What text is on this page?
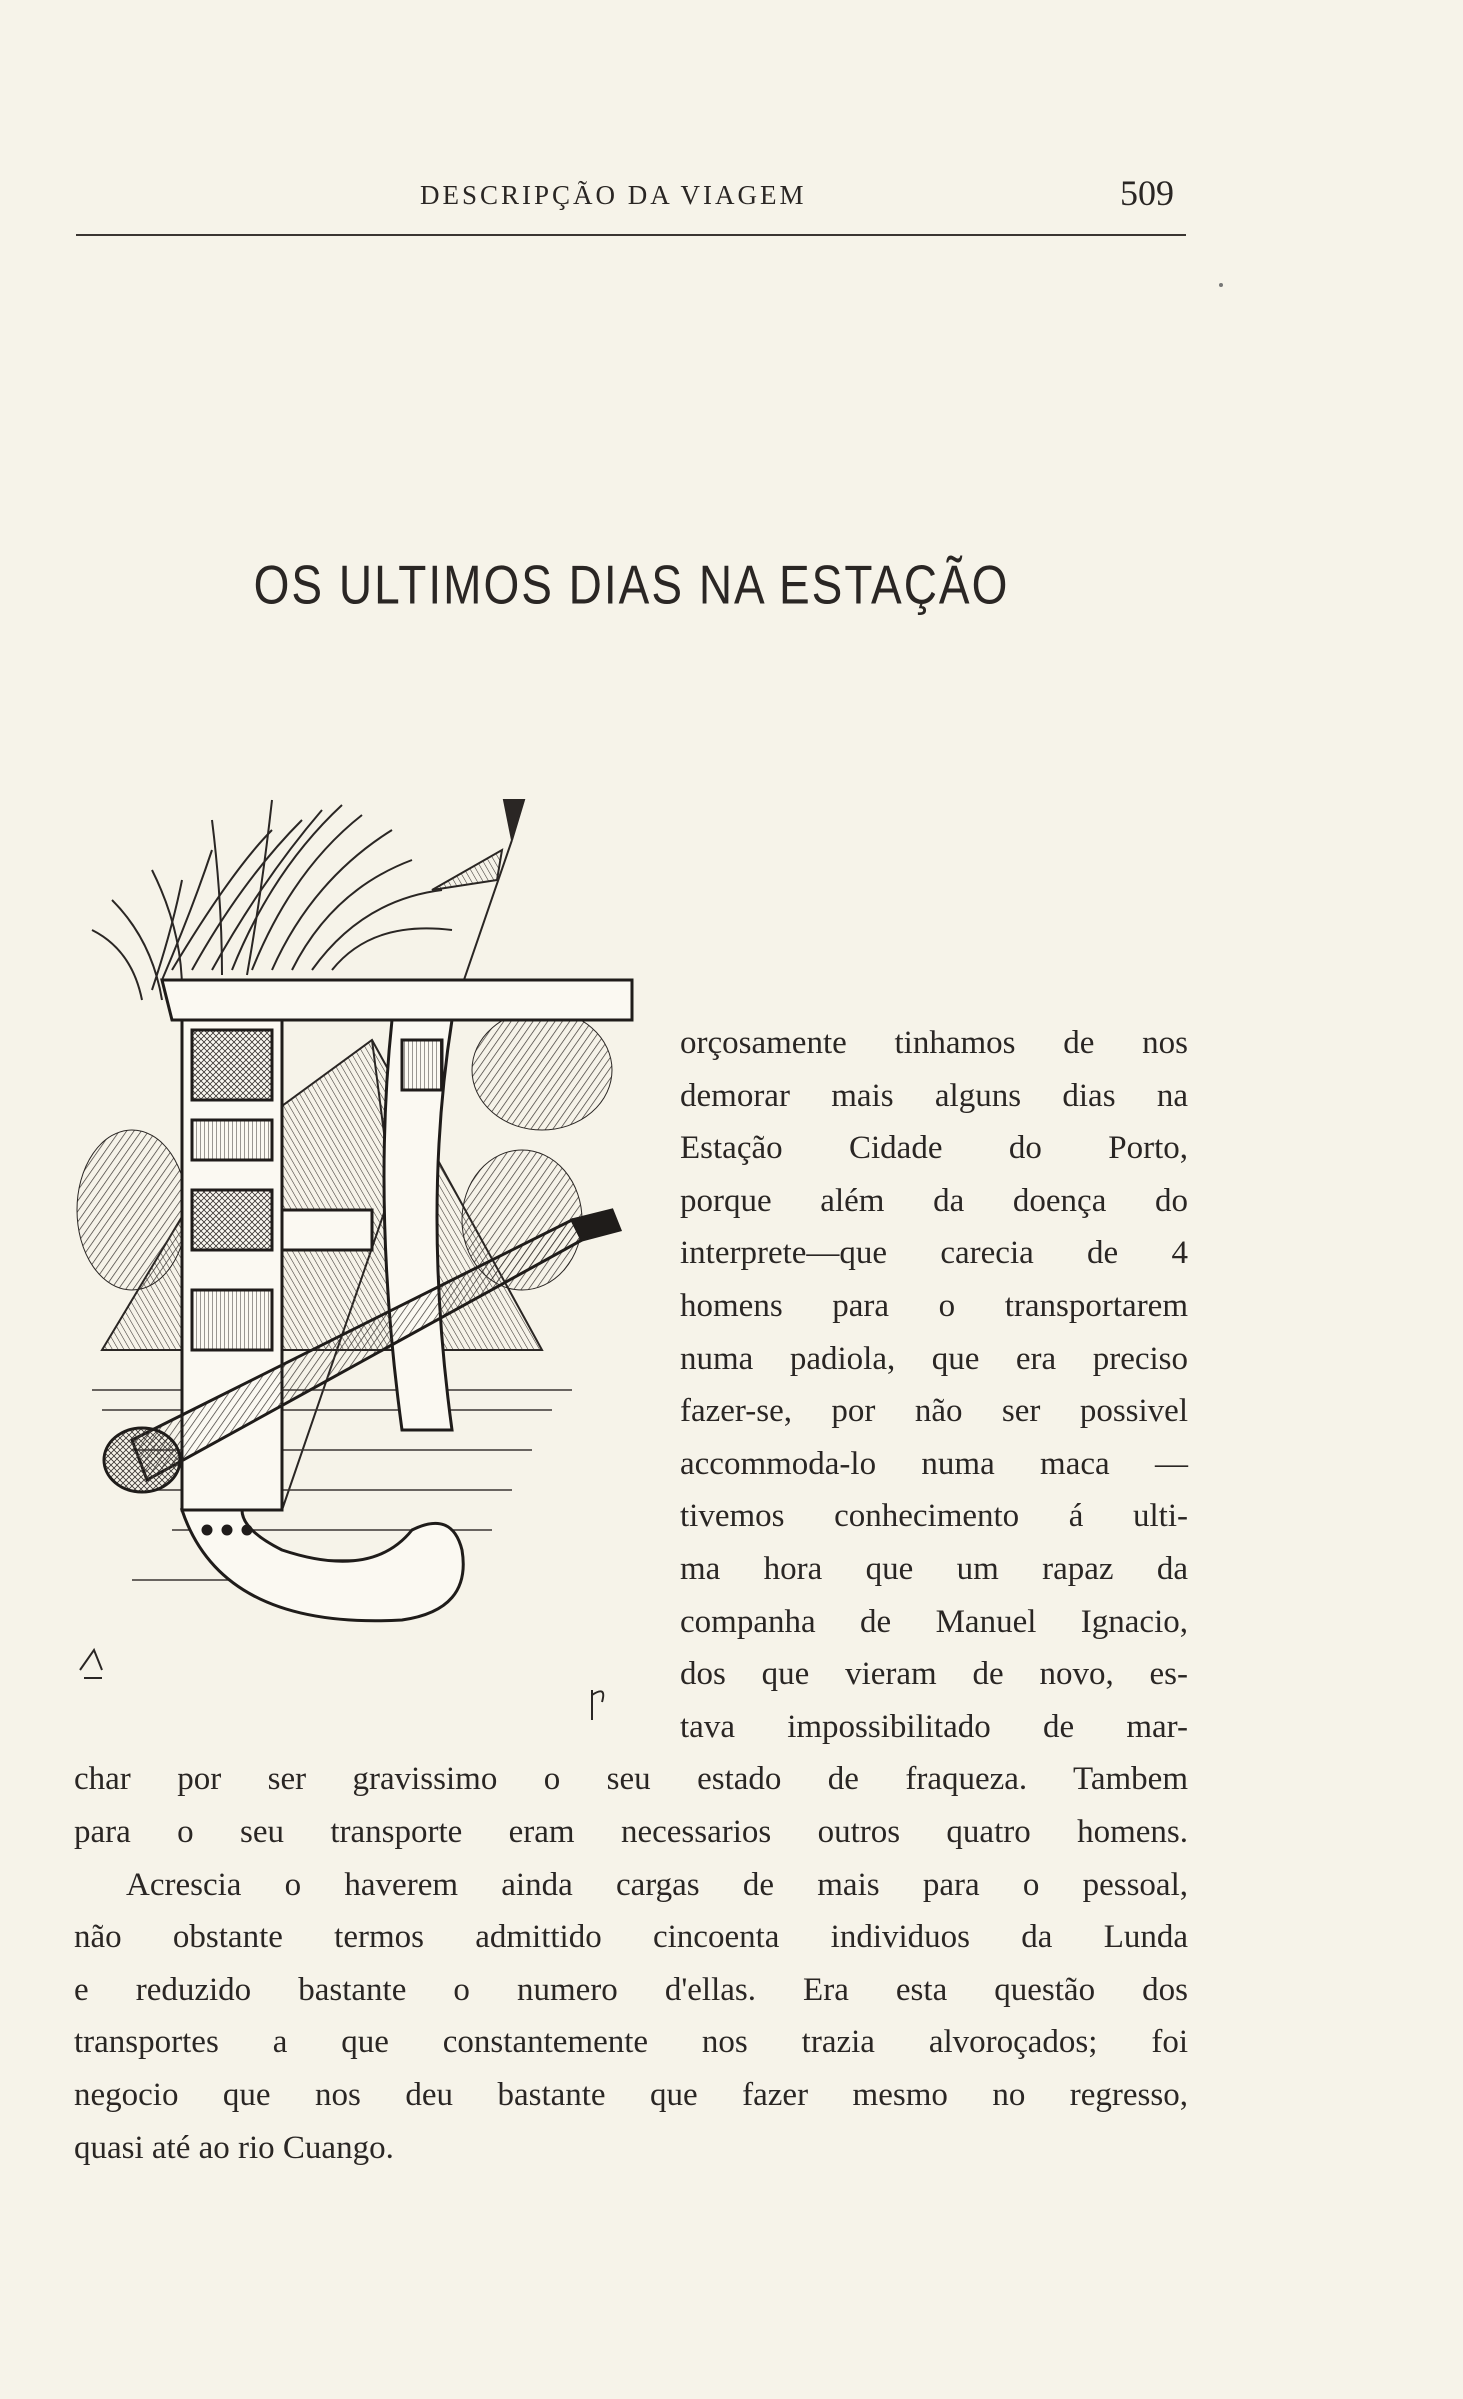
DESCRIPÇÃO DA VIAGEM	509
OS ULTIMOS DIAS NA ESTAÇÃO
orçosamente tinhamos de nos
demorar mais alguns dias na
Estação Cidade do Porto,
porque além da doença do
interprete—que carecia de 4
homens para o transportarem
numa padiola, que era preciso
fazer-se, por não ser possivel
accommoda-lo numa maca —
tivemos conhecimento á ulti-
ma hora que um rapaz da
companha de Manuel Ignacio,
dos que vieram de novo, es-
tava impossibilitado de mar-
char por ser gravissimo o seu estado de fraqueza. Tambem
para o seu transporte eram necessarios outros quatro homens.
Acrescia o haverem ainda cargas de mais para o pessoal,
não obstante termos admittido cincoenta individuos da Lunda
e reduzido bastante o numero d'ellas. Era esta questão dos
transportes a que constantemente nos trazia alvoroçados; foi
negocio que nos deu bastante que fazer mesmo no regresso,
quasi até ao rio Cuango.
